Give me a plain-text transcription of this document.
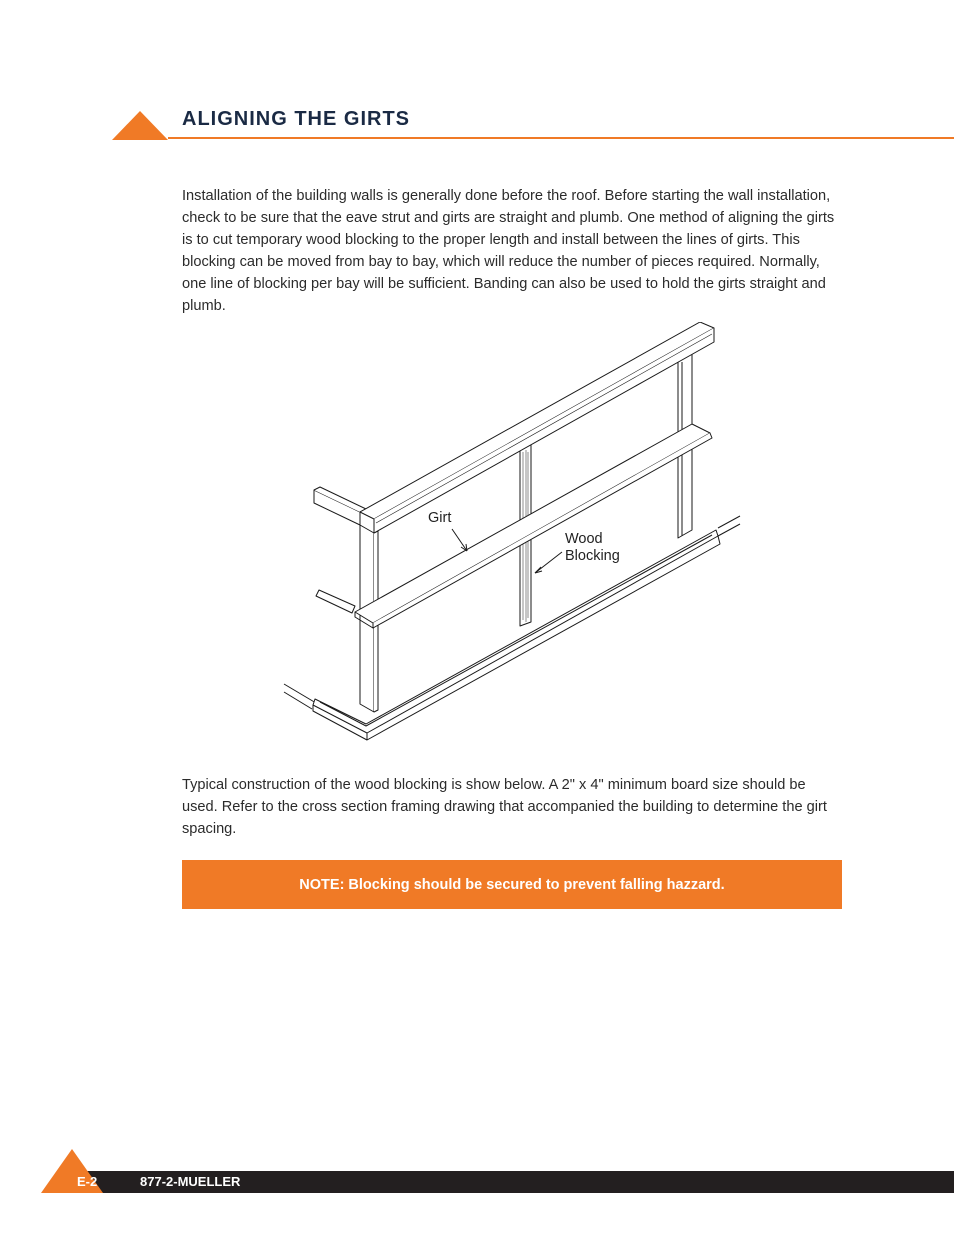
ALIGNING THE GIRTS

Installation of the building walls is generally done before the roof. Before starting the wall installation, check to be sure that the eave strut and girts are straight and plumb. One method of aligning the girts is to cut temporary wood blocking to the proper length and install between the lines of girts. This blocking can be moved from bay to bay, which will reduce the number of pieces required. Normally, one line of blocking per bay will be sufficient. Banding can also be used to hold the girts straight and plumb.

Girt
Wood
Blocking

Typical construction of the wood blocking is show below. A 2" x 4" minimum board size should be used. Refer to the cross section framing drawing that accompanied the building to determine the girt spacing.

NOTE: Blocking should be secured to prevent falling hazzard.
E-2	877-2-MUELLER
